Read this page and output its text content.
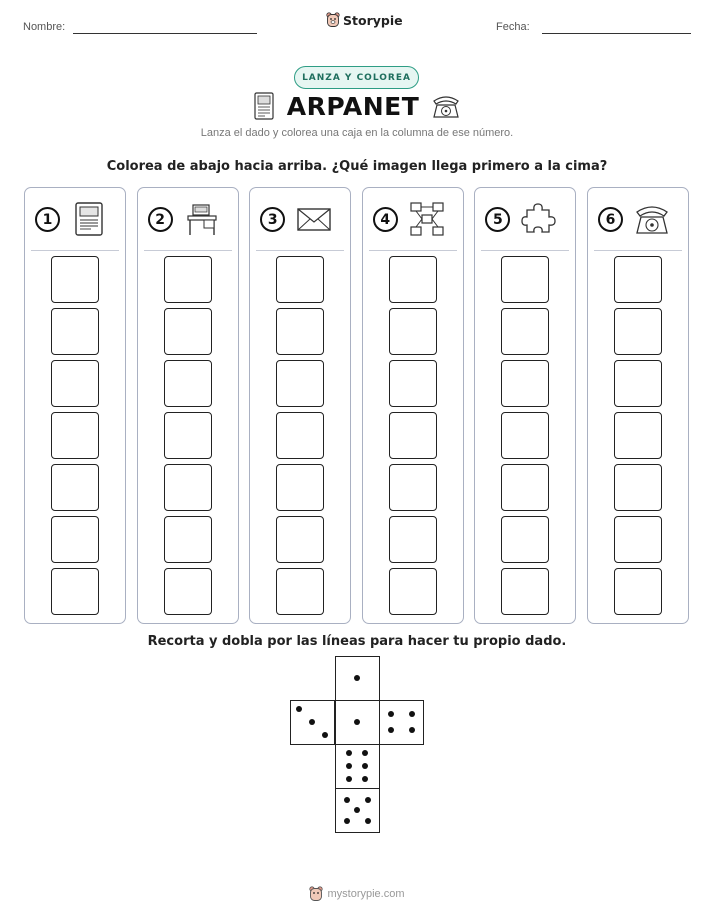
Nombre:	Storypie	Fecha:
LANZA Y COLOREA
ARPANET
Lanza el dado y colorea una caja en la columna de ese número.
Colorea de abajo hacia arriba. ¿Qué imagen llega primero a la cima?
1	2	3	4	5	6
Recorta y dobla por las líneas para hacer tu propio dado.
mystorypie.com
